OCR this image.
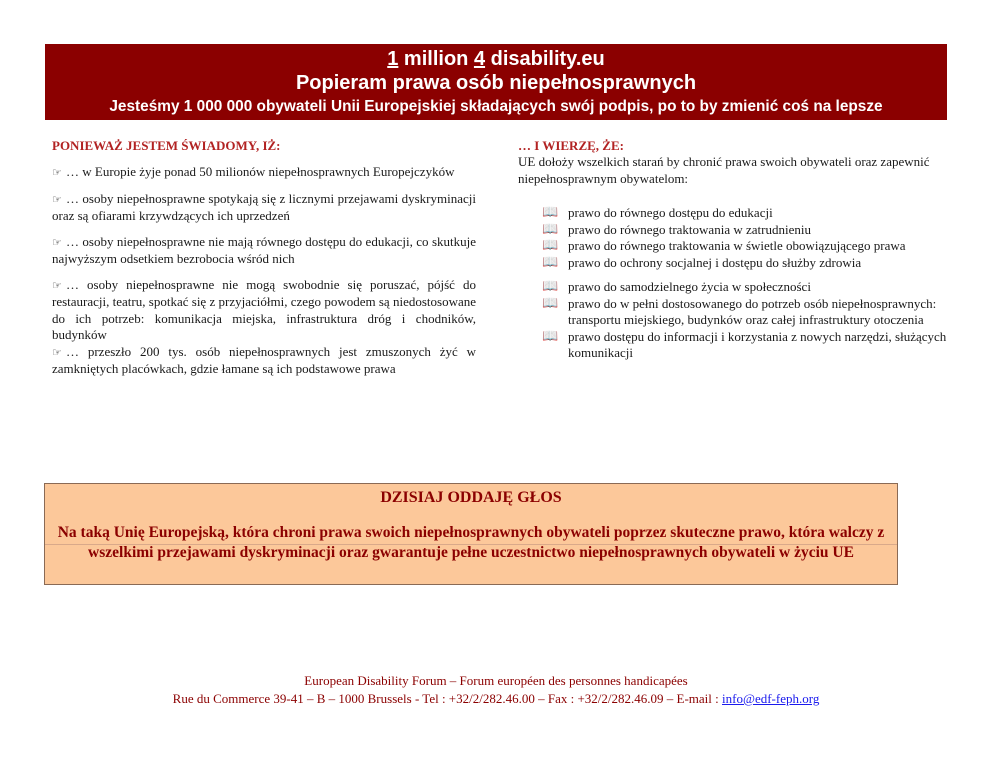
1 million 4 disability.eu
Popieram prawa osób niepełnosprawnych
Jesteśmy 1 000 000 obywateli Unii Europejskiej składających swój podpis, po to by zmienić coś na lepsze

PONIEWAŻ JESTEM ŚWIADOMY, IŻ:

☞ … w Europie żyje ponad 50 milionów niepełnosprawnych Europejczyków

☞ … osoby niepełnosprawne spotykają się z licznymi przejawami dyskryminacji oraz są ofiarami krzywdzących ich uprzedzeń

☞ … osoby niepełnosprawne nie mają równego dostępu do edukacji, co skutkuje najwyższym odsetkiem bezrobocia wśród nich

☞ … osoby niepełnosprawne nie mogą swobodnie się poruszać, pójść do restauracji, teatru, spotkać się z przyjaciółmi, czego powodem są niedostosowane do ich potrzeb: komunikacja miejska, infrastruktura dróg i chodników, budynków

☞ … przeszło 200 tys. osób niepełnosprawnych jest zmuszonych żyć w zamkniętych placówkach, gdzie łamane są ich podstawowe prawa

… I WIERZĘ, ŻE:

UE dołoży wszelkich starań by chronić prawa swoich obywateli oraz zapewnić niepełnosprawnym obywatelom:

📖 prawo do równego dostępu do edukacji
📖 prawo do równego traktowania w zatrudnieniu
📖 prawo do równego traktowania w świetle obowiązującego prawa
📖 prawo do ochrony socjalnej i dostępu do służby zdrowia
📖 prawo do samodzielnego życia w społeczności
📖 prawo do w pełni dostosowanego do potrzeb osób niepełnosprawnych: transportu miejskiego, budynków oraz całej infrastruktury otoczenia
📖 prawo dostępu do informacji i korzystania z nowych narzędzi, służących komunikacji
DZISIAJ ODDAJĘ GŁOS
Na taką Unię Europejską, która chroni prawa swoich niepełnosprawnych obywateli poprzez skuteczne prawo, która walczy z wszelkimi przejawami dyskryminacji oraz gwarantuje pełne uczestnictwo niepełnosprawnych obywateli w życiu UE
European Disability Forum – Forum européen des personnes handicapées
Rue du Commerce 39-41 – B – 1000 Brussels - Tel : +32/2/282.46.00 – Fax : +32/2/282.46.09 – E-mail : info@edf-feph.org
